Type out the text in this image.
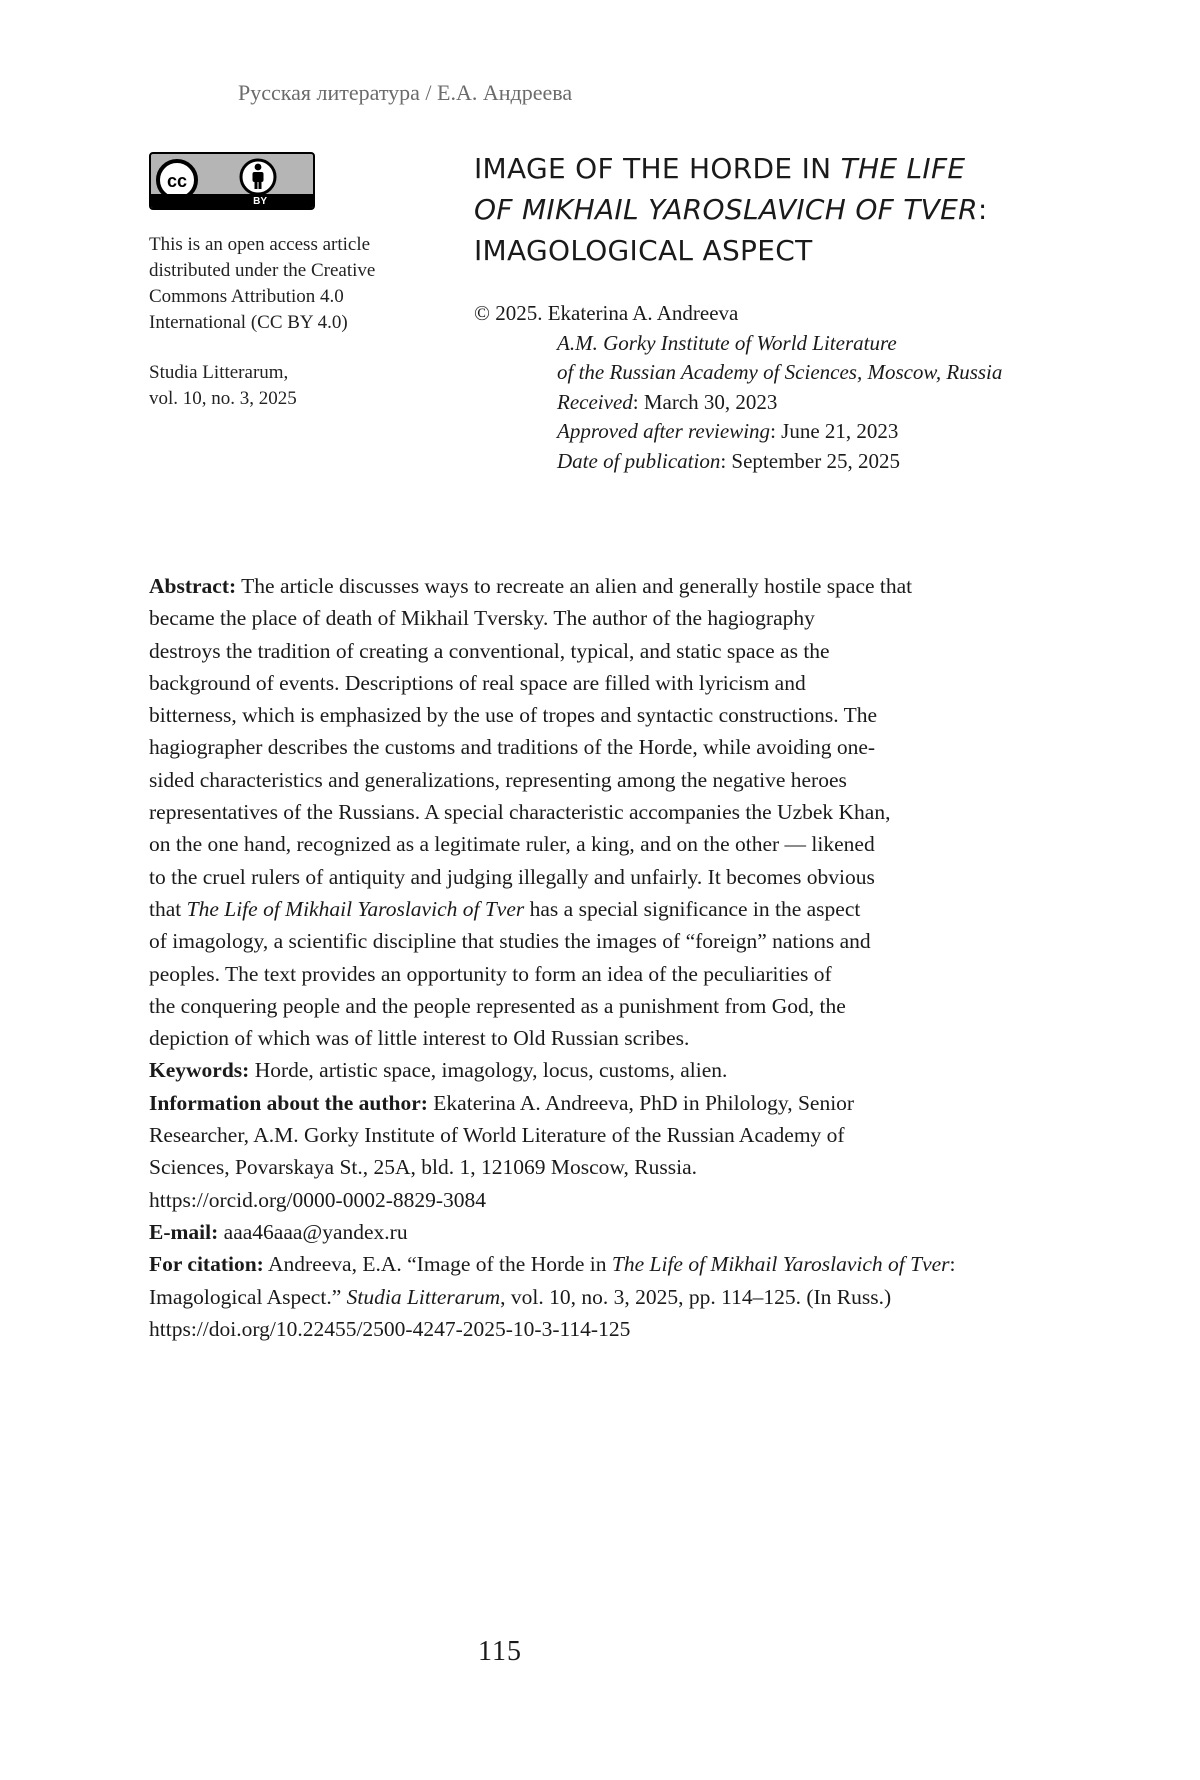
Русская литература / Е.А. Андреева
cc
BY
This is an open access article
distributed under the Creative
Commons Attribution 4.0
International (CC BY 4.0)
Studia Litterarum,
vol. 10, no. 3, 2025
IMAGE OF THE HORDE IN THE LIFE
OF MIKHAIL YAROSLAVICH OF TVER:
IMAGOLOGICAL ASPECT
© 2025. Ekaterina A. Andreeva
A.M. Gorky Institute of World Literature
of the Russian Academy of Sciences, Moscow, Russia
Received: March 30, 2023
Approved after reviewing: June 21, 2023
Date of publication: September 25, 2025

Abstract: The article discusses ways to recreate an alien and generally hostile space that
became the place of death of Mikhail Tversky. The author of the hagiography
destroys the tradition of creating a conventional, typical, and static space as the
background of events. Descriptions of real space are filled with lyricism and
bitterness, which is emphasized by the use of tropes and syntactic constructions. The
hagiographer describes the customs and traditions of the Horde, while avoiding one-
sided characteristics and generalizations, representing among the negative heroes
representatives of the Russians. A special characteristic accompanies the Uzbek Khan,
on the one hand, recognized as a legitimate ruler, a king, and on the other — likened
to the cruel rulers of antiquity and judging illegally and unfairly. It becomes obvious
that The Life of Mikhail Yaroslavich of Tver has a special significance in the aspect
of imagology, a scientific discipline that studies the images of “foreign” nations and
peoples. The text provides an opportunity to form an idea of the peculiarities of
the conquering people and the people represented as a punishment from God, the
depiction of which was of little interest to Old Russian scribes.

Keywords: Horde, artistic space, imagology, locus, customs, alien.

Information about the author: Ekaterina A. Andreeva, PhD in Philology, Senior
Researcher, A.M. Gorky Institute of World Literature of the Russian Academy of
Sciences, Povarskaya St., 25A, bld. 1, 121069 Moscow, Russia.
https://orcid.org/0000-0002-8829-3084

E-mail: aaa46aaa@yandex.ru

For citation: Andreeva, E.A. “Image of the Horde in The Life of Mikhail Yaroslavich of Tver:
Imagological Aspect.” Studia Litterarum, vol. 10, no. 3, 2025, pp. 114–125. (In Russ.)
https://doi.org/10.22455/2500-4247-2025-10-3-114-125

115
